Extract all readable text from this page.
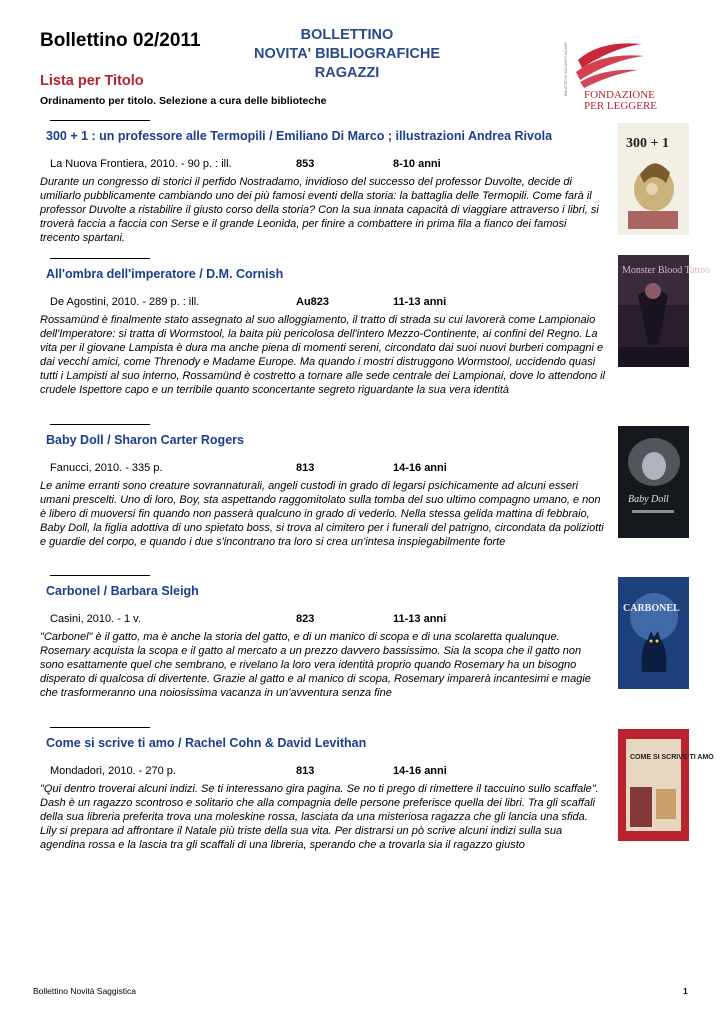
Bollettino 02/2011	BOLLETTINO
NOVITA' BIBLIOGRAFICHE
RAGAZZI
Lista per Titolo
Ordinamento per titolo. Selezione a cura delle biblioteche
BIBLIOTECHE SUD OVEST MILANO FONDAZIONE
PER LEGGERE
300 + 1 : un professore alle Termopili / Emiliano Di Marco ; illustrazioni Andrea Rivola
La Nuova Frontiera, 2010. - 90 p. : ill.	853	8-10 anni

Durante un congresso di storici il perfido Nostradamo, invidioso del successo del professor Duvolte, decide di umiliarlo pubblicamente cambiando uno dei più famosi eventi della storia: la battaglia delle Termopili. Come farà il professor Duvolte a ristabilire il giusto corso della storia? Con la sua innata capacità di viaggiare attraverso i libri, si troverà faccia a faccia con Serse e il grande Leonida, per finire a combattere in prima fila a fianco dei famosi trecento spartani.

300 + 1
All'ombra dell'imperatore / D.M. Cornish
De Agostini, 2010. - 289 p. : ill.	Au823	11-13 anni

Rossamünd è finalmente stato assegnato al suo alloggiamento, il tratto di strada su cui lavorerà come Lampionaio dell'Imperatore: si tratta di Wormstool, la baita più pericolosa dell'intero Mezzo-Continente, ai confini del Regno. La vita per il giovane Lampista è dura ma anche piena di momenti sereni, circondato dai suoi nuovi burberi compagni e dai vecchi amici, come Threnody e Madame Europe. Ma quando i mostri distruggono Wormstool, uccidendo quasi tutti i Lampisti al suo interno, Rossamünd è costretto a tornare alle sede centrale dei Lampionai, dove lo attendono il crudele Ispettore capo e un terribile quanto sconcertante segreto riguardante la sua vera identità

Monster Blood Tattoo
Baby Doll / Sharon Carter Rogers
Fanucci, 2010. - 335 p.	813	14-16 anni

Le anime erranti sono creature sovrannaturali, angeli custodi in grado di legarsi psichicamente ad alcuni esseri umani prescelti. Uno di loro, Boy, sta aspettando raggomitolato sulla tomba del suo ultimo compagno umano, e non è libero di muoversi fin quando non passerà qualcuno in grado di vederlo. Nella stessa gelida mattina di febbraio, Baby Doll, la figlia adottiva di uno spietato boss, si trova al cimitero per i funerali del patrigno, circondata da poliziotti e guardie del corpo, e quando i due s'incontrano tra loro si crea un'intesa inspiegabilmente forte

Baby Doll
Carbonel / Barbara Sleigh
Casini, 2010. - 1 v.	823	11-13 anni

"Carbonel" è il gatto, ma è anche la storia del gatto, e di un manico di scopa e di una scolaretta qualunque. Rosemary acquista la scopa e il gatto al mercato a un prezzo davvero bassissimo. Sia la scopa che il gatto non sono esattamente quel che sembrano, e rivelano la loro vera identità proprio quando Rosemary ha un bisogno disperato di qualcosa di divertente. Grazie al gatto e al manico di scopa, Rosemary imparerà incantesimi e magie che trasformeranno una noiosissima vacanza in un'avventura senza fine

CARBONEL
Come si scrive ti amo / Rachel Cohn & David Levithan
Mondadori, 2010. - 270 p.	813	14-16 anni

"Qui dentro troverai alcuni indizi. Se ti interessano gira pagina. Se no ti prego di rimettere il taccuino sullo scaffale". Dash è un ragazzo scontroso e solitario che alla compagnia delle persone preferisce quella dei libri. Tra gli scaffali della sua libreria preferita trova una moleskine rossa, lasciata da una misteriosa ragazza che gli lancia una sfida. Lily si prepara ad affrontare il Natale più triste della sua vita. Per distrarsi un pò scrive alcuni indizi sulla sua agendina rossa e la lascia tra gli scaffali di una libreria, sperando che a trovarla sia il ragazzo giusto

COME SI SCRIVE TI AMO
Bollettino Novità Saggistica	1
